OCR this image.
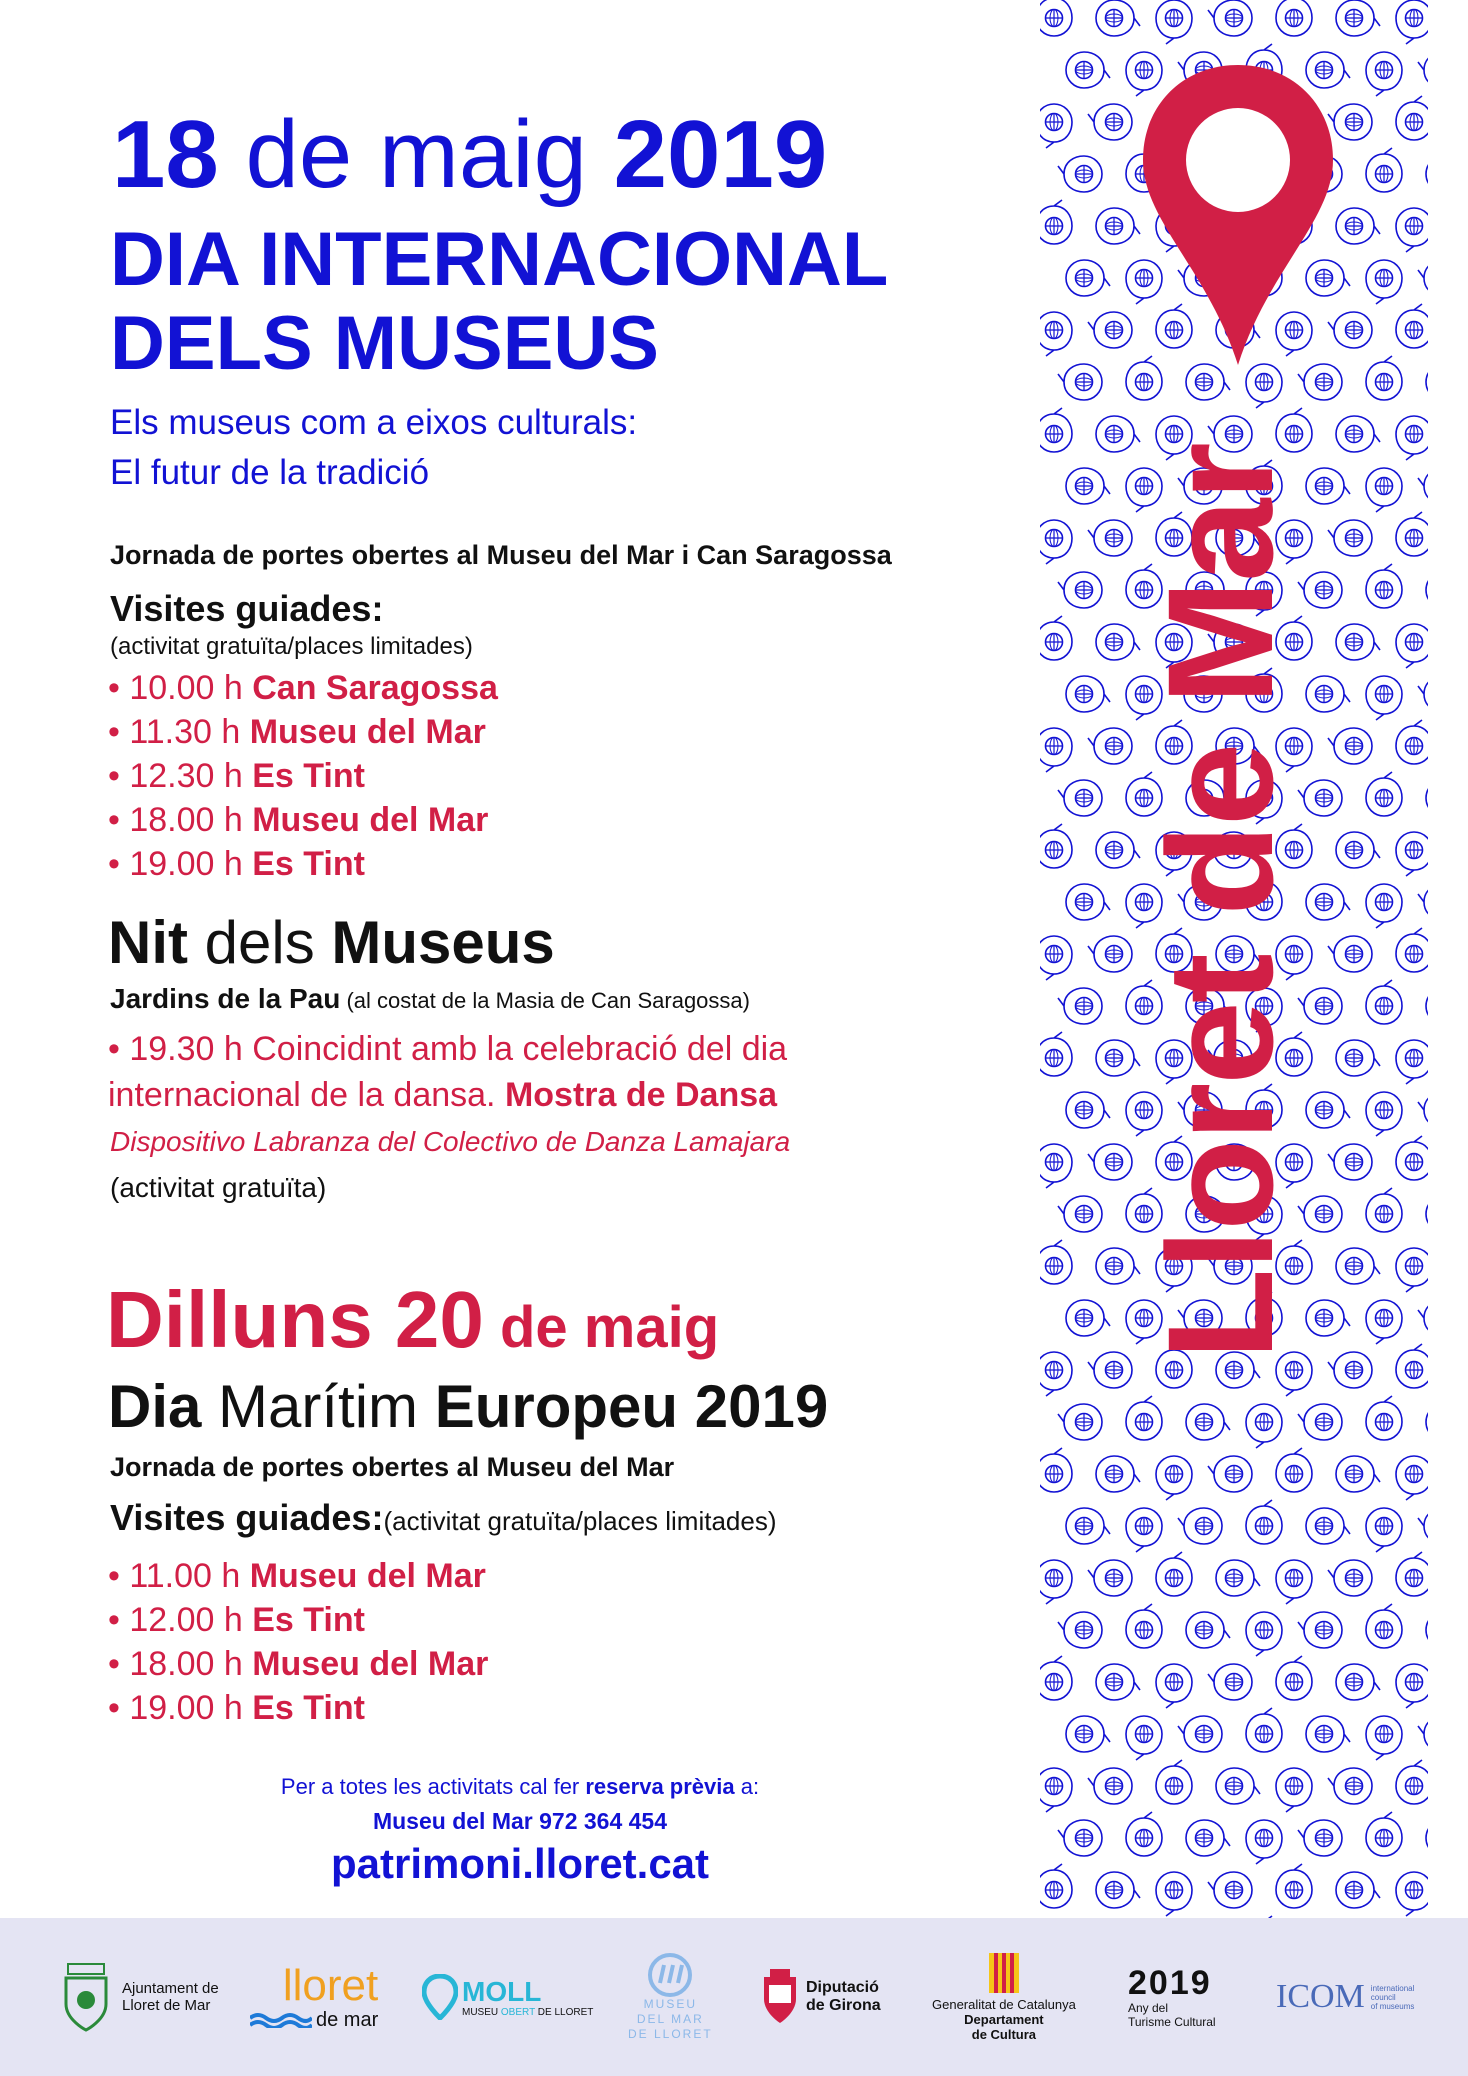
Lloret de Mar
18 de maig 2019
DIA INTERNACIONAL
DELS MUSEUS
Els museus com a eixos culturals:
El futur de la tradició
Jornada de portes obertes al Museu del Mar i Can Saragossa
Visites guiades:
(activitat gratuïta/places limitades)
• 10.00 h Can Saragossa
• 11.30 h Museu del Mar
• 12.30 h Es Tint
• 18.00 h Museu del Mar
• 19.00 h Es Tint
Nit dels Museus
Jardins de la Pau (al costat de la Masia de Can Saragossa)
• 19.30 h Coincidint amb la celebració del dia
internacional de la dansa. Mostra de Dansa
Dispositivo Labranza del Colectivo de Danza Lamajara
(activitat gratuïta)
Dilluns 20 de maig
Dia Marítim Europeu 2019
Jornada de portes obertes al Museu del Mar
Visites guiades:(activitat gratuïta/places limitades)
• 11.00 h Museu del Mar
• 12.00 h Es Tint
• 18.00 h Museu del Mar
• 19.00 h Es Tint
Per a totes les activitats cal fer reserva prèvia a:
Museu del Mar 972 364 454
patrimoni.lloret.cat
Ajuntament de
Lloret de Mar	lloret
de mar
MOLL
MUSEU OBERT DE LLORET
MUSEU
DEL MAR
DE LLORET
Diputació
de Girona	Generalitat de Catalunya
Departament
de Cultura
2019
Any del
Turisme Cultural
ICOM international
council
of museums
